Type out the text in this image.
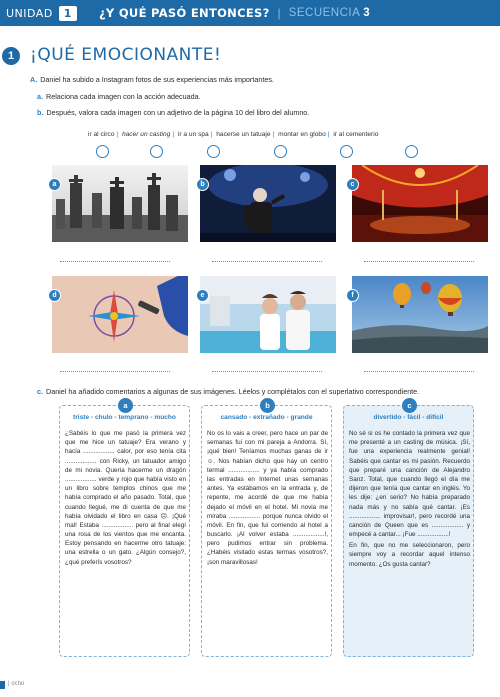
UNIDAD	1	¿Y QUÉ PASÓ ENTONCES? | SECUENCIA 3
1 ¡QUÉ EMOCIONANTE!
A. Daniel ha subido a Instagram fotos de sus experiencias más importantes.
a. Relaciona cada imagen con la acción adecuada.
b. Después, valora cada imagen con un adjetivo de la página 10 del libro del alumno.
ir al circo | hacer un casting | ir a un spa | hacerse un tatuaje | montar en globo | ir al cementerio
a	b	c
d	e	f
c. Daniel ha añadido comentarios a algunas de sus imágenes. Léelos y complétalos con el superlativo correspondiente.
a
triste - chulo - temprano - mucho
¿Sabéis lo que me pasó la primera vez que me hice un tatuaje? Era verano y hacía .................. calor, por eso tenía cita .................. con Ricky, un tatuador amigo de mi novia. Quería hacerme un dragón .................. verde y rojo que había visto en un libro sobre templos chinos que me había comprado el año pasado. Total, que cuando llegué, me di cuenta de que me había olvidado el libro en casa ☹. ¡Qué mal! Estaba .................. pero al final elegí una rosa de los vientos que me encanta. Estoy pensando en hacerme otro tatuaje: una estrella o un gato. ¿Algún consejo?, ¿qué preferís vosotros?
b
cansado - extrañado - grande
No os lo vais a creer, pero hace un par de semanas fui con mi pareja a Andorra. Sí, ¡qué bien! Teníamos muchas ganas de ir ☺. Nos habían dicho que hay un centro termal .................. y ya había comprado las entradas en Internet unas semanas antes. Ya estábamos en la entrada y, de repente, me acordé de que me había dejado el móvil en el hotel. Mi novia me miraba .................. porque nunca olvido el móvil. En fin, que fui corriendo al hotel a buscarlo. ¡Al volver estaba ..................!, pero pudimos entrar sin problema. ¿Habéis visitado estas termas vosotros?, ¡son maravillosas!
c
divertido - fácil - difícil
No sé si os he contado la primera vez que me presenté a un casting de música. ¡Sí, fue una experiencia realmente genial! Sabéis que cantar es mi pasión. Recuerdo que preparé una canción de Alejandro Sanz. Total, que cuando llegó el día me dijeron que tenía que cantar en inglés. Yo les dije: ¿en serio? No había preparado nada más y no sabía qué cantar. ¡Es .................. improvisar!, pero recordé una canción de Queen que es .................. y empecé a cantar... ¡Fue ..................!
En fin, que no me seleccionaron, pero siempre voy a recordar aquel intenso momento. ¿Os gusta cantar?
| ocho
